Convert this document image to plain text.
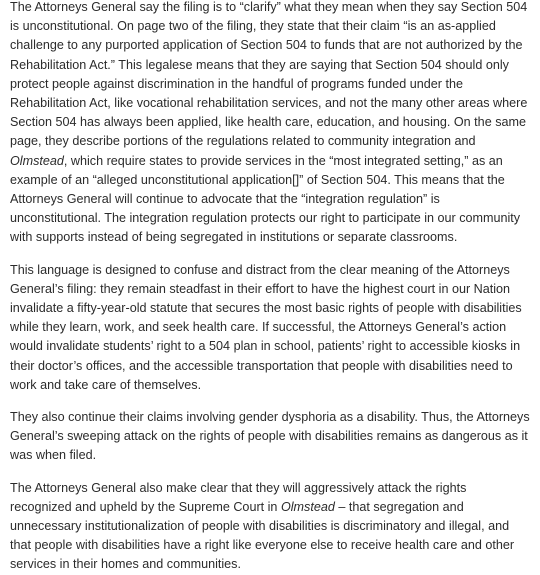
The Attorneys General say the filing is to “clarify” what they mean when they say Section 504 is unconstitutional. On page two of the filing, they state that their claim “is an as-applied challenge to any purported application of Section 504 to funds that are not authorized by the Rehabilitation Act.” This legalese means that they are saying that Section 504 should only protect people against discrimination in the handful of programs funded under the Rehabilitation Act, like vocational rehabilitation services, and not the many other areas where Section 504 has always been applied, like health care, education, and housing. On the same page, they describe portions of the regulations related to community integration and Olmstead, which require states to provide services in the “most integrated setting,” as an example of an “alleged unconstitutional application[]” of Section 504. This means that the Attorneys General will continue to advocate that the “integration regulation” is unconstitutional. The integration regulation protects our right to participate in our community with supports instead of being segregated in institutions or separate classrooms.

This language is designed to confuse and distract from the clear meaning of the Attorneys General’s filing: they remain steadfast in their effort to have the highest court in our Nation invalidate a fifty-year-old statute that secures the most basic rights of people with disabilities while they learn, work, and seek health care. If successful, the Attorneys General’s action would invalidate students’ right to a 504 plan in school, patients’ right to accessible kiosks in their doctor’s offices, and the accessible transportation that people with disabilities need to work and take care of themselves.

They also continue their claims involving gender dysphoria as a disability. Thus, the Attorneys General’s sweeping attack on the rights of people with disabilities remains as dangerous as it was when filed.

The Attorneys General also make clear that they will aggressively attack the rights recognized and upheld by the Supreme Court in Olmstead – that segregation and unnecessary institutionalization of people with disabilities is discriminatory and illegal, and that people with disabilities have a right like everyone else to receive health care and other services in their homes and communities.
